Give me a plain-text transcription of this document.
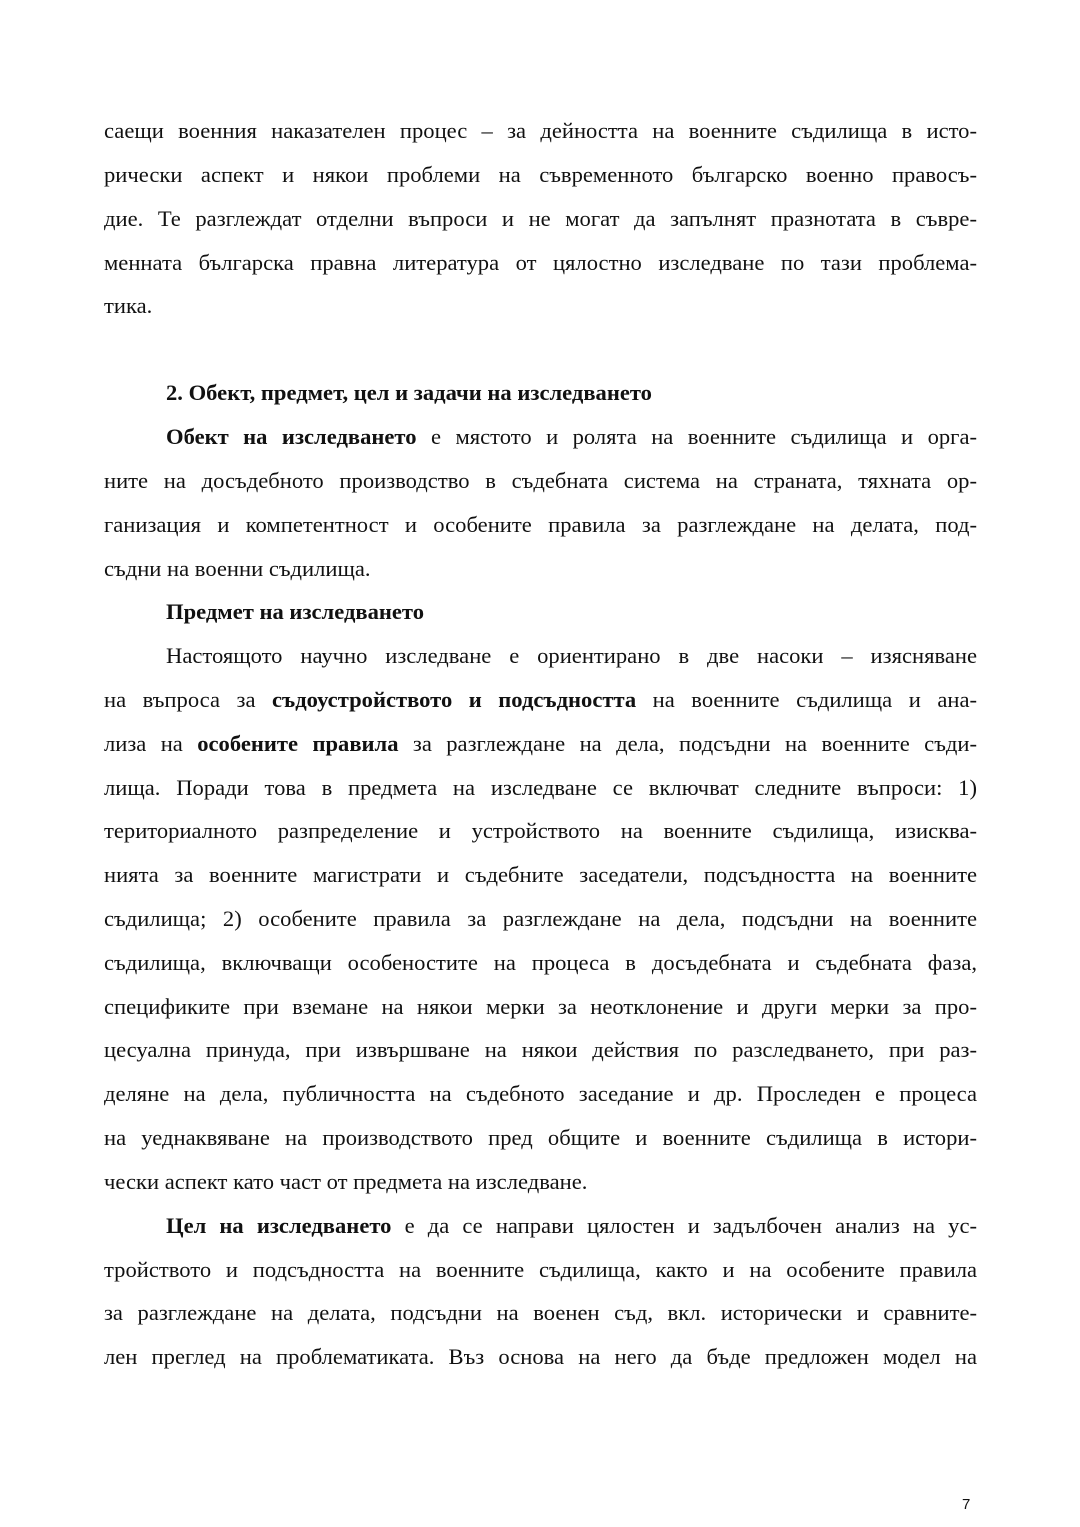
саещи военния наказателен процес – за дейността на военните съдилища в исто-
рически аспект и някои проблеми на съвременното българско военно правосъ-
дие. Те разглеждат отделни въпроси и не могат да запълнят празнотата в съвре-
менната българска правна литература от цялостно изследване по тази проблема-
тика.
2. Обект, предмет, цел и задачи на изследването
Обект на изследването е мястото и ролята на военните съдилища и орга-
ните на досъдебното производство в съдебната система на страната, тяхната ор-
ганизация и компетентност и особените правила за разглеждане на делата, под-
съдни на военни съдилища.
Предмет на изследването
Настоящото научно изследване е ориентирано в две насоки – изясняване
на въпроса за съдоустройството и подсъдността на военните съдилища и ана-
лиза на особените правила за разглеждане на дела, подсъдни на военните съди-
лища. Поради това в предмета на изследване се включват следните въпроси: 1)
териториалното разпределение и устройството на военните съдилища, изисква-
нията за военните магистрати и съдебните заседатели, подсъдността на военните
съдилища; 2) особените правила за разглеждане на дела, подсъдни на военните
съдилища, включващи особеностите на процеса в досъдебната и съдебната фаза,
спецификите при вземане на някои мерки за неотклонение и други мерки за про-
цесуална принуда, при извършване на някои действия по разследването, при раз-
деляне на дела, публичността на съдебното заседание и др. Проследен е процеса
на уеднаквяване на производството пред общите и военните съдилища в истори-
чески аспект като част от предмета на изследване.
Цел на изследването е да се направи цялостен и задълбочен анализ на ус-
тройството и подсъдността на военните съдилища, както и на особените правила
за разглеждане на делата, подсъдни на военен съд, вкл. исторически и сравните-
лен преглед на проблематиката. Въз основа на него да бъде предложен модел на
7
